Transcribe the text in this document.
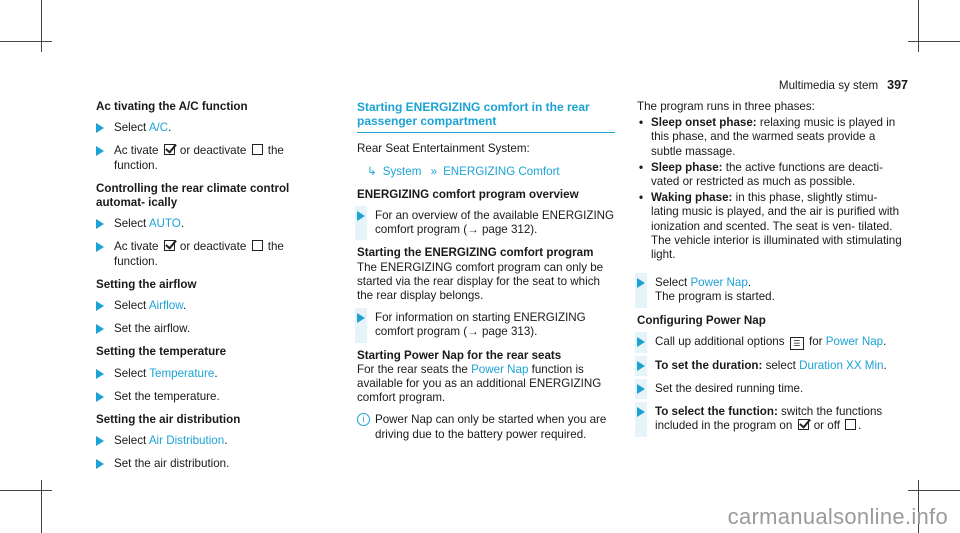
Multimedia sy stem 397
Ac tivating the A/C function
Select A/C.
Ac tivate  or deactivate  the function.
Controlling the rear climate control automat‐ ically
Select AUTO.
Ac tivate  or deactivate  the function.
Setting the airflow
Select Airflow.
Set the airflow.
Setting the temperature
Select Temperature.
Set the temperature.
Setting the air distribution
Select Air Distribution.
Set the air distribution.
Starting ENERGIZING comfort in the rear passenger compartment

Rear Seat Entertainment System:

↳ System » ENERGIZING Comfort
ENERGIZING comfort program overview
For an overview of the available ENERGIZING comfort program (→ page 312).
Starting the ENERGIZING comfort program

The ENERGIZING comfort program can only be started via the rear display for the seat to which the rear display belongs.

For information on starting ENERGIZING comfort program (→ page 313).
Starting Power Nap for the rear seats

For the rear seats the Power Nap function is available for you as an additional ENERGIZING comfort program.

i Power Nap can only be started when you are driving due to the battery power required.

The program runs in three phases:

• Sleep onset phase: relaxing music is played in this phase, and the warmed seats provide a subtle massage.
• Sleep phase: the active functions are deacti‐ vated or restricted as much as possible.
• Waking phase: in this phase, slightly stimu‐ lating music is played, and the air is purified with ionization and scented. The seat is ven‐ tilated. The vehicle interior is illuminated with stimulating light.
Select Power Nap.
The program is started.
Configuring Power Nap
Call up additional options ☰ for Power Nap.
To set the duration: select Duration XX Min.
Set the desired running time.
To select the function: switch the functions included in the program on  or off .
carmanualsonline.info
